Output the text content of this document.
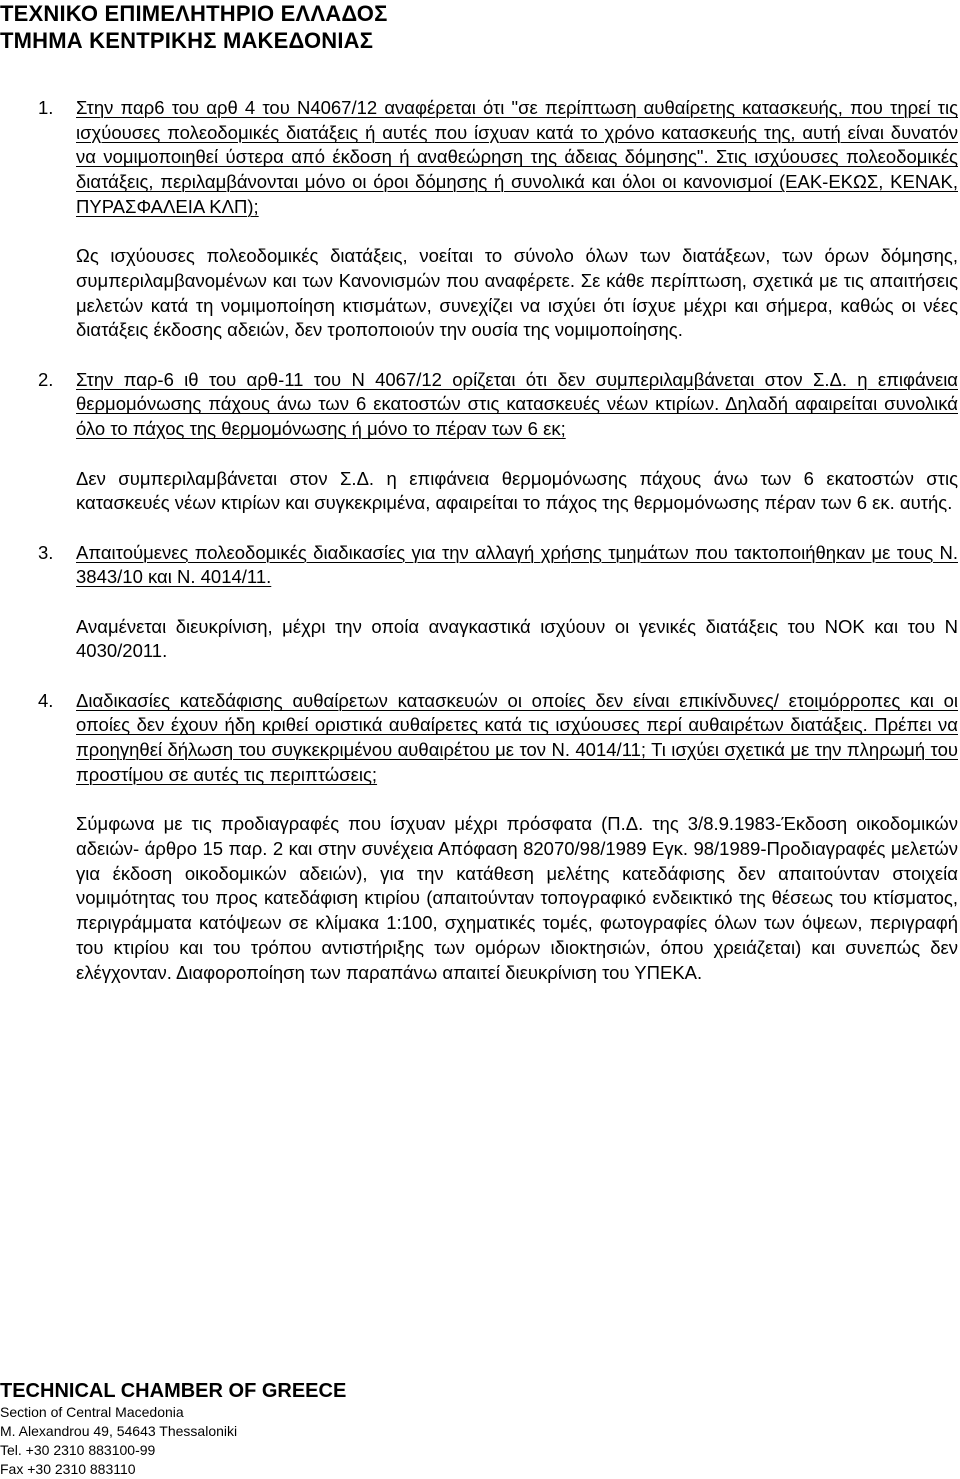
ΤΕΧΝΙΚΟ ΕΠΙΜΕΛΗΤΗΡΙΟ ΕΛΛΑΔΟΣ
ΤΜΗΜΑ ΚΕΝΤΡΙΚΗΣ ΜΑΚΕΔΟΝΙΑΣ
1. Στην παρ6 του αρθ 4 του Ν4067/12 αναφέρεται ότι "σε περίπτωση αυθαίρετης κατασκευής, που τηρεί τις ισχύουσες πολεοδομικές διατάξεις ή αυτές που ίσχυαν κατά το χρόνο κατασκευής της, αυτή είναι δυνατόν να νομιμοποιηθεί ύστερα από έκδοση ή αναθεώρηση της άδειας δόμησης". Στις ισχύουσες πολεοδομικές διατάξεις, περιλαμβάνονται μόνο οι όροι δόμησης ή συνολικά και όλοι οι κανονισμοί (ΕΑΚ-ΕΚΩΣ, ΚΕΝΑΚ, ΠΥΡΑΣΦΑΛΕΙΑ ΚΛΠ);

Ως ισχύουσες πολεοδομικές διατάξεις, νοείται το σύνολο όλων των διατάξεων, των όρων δόμησης, συμπεριλαμβανομένων και των Κανονισμών που αναφέρετε. Σε κάθε περίπτωση, σχετικά με τις απαιτήσεις μελετών κατά τη νομιμοποίηση κτισμάτων, συνεχίζει να ισχύει ότι ίσχυε μέχρι και σήμερα, καθώς οι νέες διατάξεις έκδοσης αδειών, δεν τροποποιούν την ουσία της νομιμοποίησης.

2. Στην παρ-6 ιθ του αρθ-11 του Ν 4067/12 ορίζεται ότι δεν συμπεριλαμβάνεται στον Σ.Δ. η επιφάνεια θερμομόνωσης πάχους άνω των 6 εκατοστών στις κατασκευές νέων κτιρίων. Δηλαδή αφαιρείται συνολικά όλο το πάχος της θερμομόνωσης ή μόνο το πέραν των 6 εκ;

Δεν συμπεριλαμβάνεται στον Σ.Δ. η επιφάνεια θερμομόνωσης πάχους άνω των 6 εκατοστών στις κατασκευές νέων κτιρίων και συγκεκριμένα, αφαιρείται το πάχος της θερμομόνωσης πέραν των 6 εκ. αυτής.

3. Απαιτούμενες πολεοδομικές διαδικασίες για την αλλαγή χρήσης τμημάτων που τακτοποιήθηκαν με τους Ν. 3843/10 και Ν. 4014/11.

Αναμένεται διευκρίνιση, μέχρι την οποία αναγκαστικά ισχύουν οι γενικές διατάξεις του ΝΟΚ και του Ν 4030/2011.

4. Διαδικασίες κατεδάφισης αυθαίρετων κατασκευών οι οποίες δεν είναι επικίνδυνες/ ετοιμόρροπες και οι οποίες δεν έχουν ήδη κριθεί οριστικά αυθαίρετες κατά τις ισχύουσες περί αυθαιρέτων διατάξεις. Πρέπει να προηγηθεί δήλωση του συγκεκριμένου αυθαιρέτου με τον Ν. 4014/11; Τι ισχύει σχετικά με την πληρωμή του προστίμου σε αυτές τις περιπτώσεις;

Σύμφωνα με τις προδιαγραφές που ίσχυαν μέχρι πρόσφατα (Π.Δ. της 3/8.9.1983-Έκδοση οικοδομικών αδειών- άρθρο 15 παρ. 2 και στην συνέχεια Απόφαση 82070/98/1989 Εγκ. 98/1989-Προδιαγραφές μελετών για έκδοση οικοδομικών αδειών), για την κατάθεση μελέτης κατεδάφισης δεν απαιτούνταν στοιχεία νομιμότητας του προς κατεδάφιση κτιρίου (απαιτούνταν τοπογραφικό ενδεικτικό της θέσεως του κτίσματος, περιγράμματα κατόψεων σε κλίμακα 1:100, σχηματικές τομές, φωτογραφίες όλων των όψεων, περιγραφή του κτιρίου και του τρόπου αντιστήριξης των ομόρων ιδιοκτησιών, όπου χρειάζεται) και συνεπώς δεν ελέγχονταν. Διαφοροποίηση των παραπάνω απαιτεί διευκρίνιση του ΥΠΕΚΑ.

TECHNICAL CHAMBER OF GREECE
Section of Central Macedonia
M. Alexandrou 49, 54643 Thessaloniki
Tel. +30 2310 883100-99
Fax +30 2310 883110
